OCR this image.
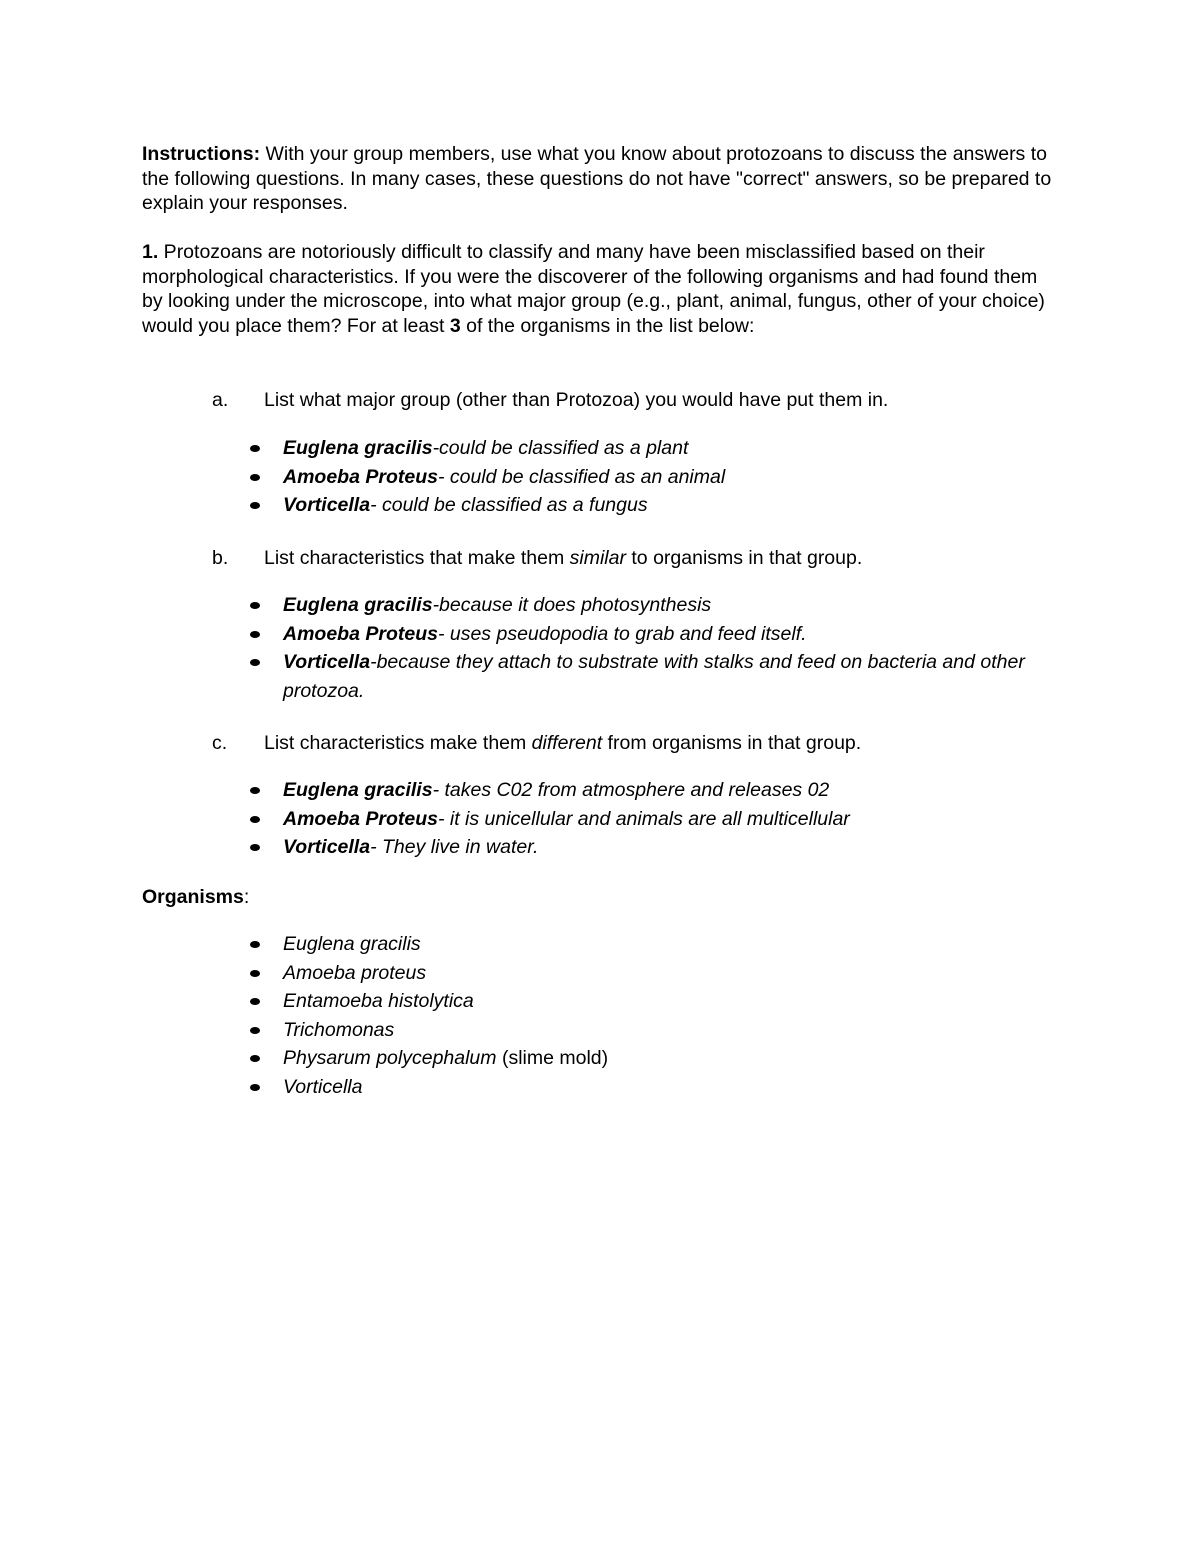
Instructions: With your group members, use what you know about protozoans to discuss the answers to the following questions. In many cases, these questions do not have "correct" answers, so be prepared to explain your responses.

1. Protozoans are notoriously difficult to classify and many have been misclassified based on their morphological characteristics. If you were the discoverer of the following organisms and had found them by looking under the microscope, into what major group (e.g., plant, animal, fungus, other of your choice) would you place them? For at least 3 of the organisms in the list below:

a. List what major group (other than Protozoa) you would have put them in.

Euglena gracilis-could be classified as a plant
Amoeba Proteus- could be classified as an animal
Vorticella- could be classified as a fungus

b. List characteristics that make them similar to organisms in that group.

Euglena gracilis-because it does photosynthesis
Amoeba Proteus- uses pseudopodia to grab and feed itself.
Vorticella-because they attach to substrate with stalks and feed on bacteria and other protozoa.

c. List characteristics make them different from organisms in that group.

Euglena gracilis- takes C02 from atmosphere and releases 02
Amoeba Proteus- it is unicellular and animals are all multicellular
Vorticella- They live in water.

Organisms:

Euglena gracilis
Amoeba proteus
Entamoeba histolytica
Trichomonas
Physarum polycephalum (slime mold)
Vorticella
